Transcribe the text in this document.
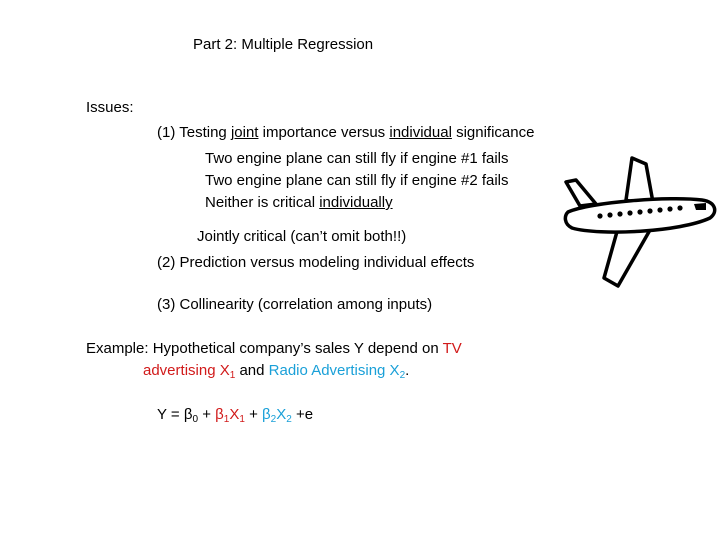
Part 2: Multiple Regression
Issues:
(1) Testing joint importance versus individual significance
Two engine plane can still fly if engine #1 fails
Two engine plane can still fly if engine #2 fails
Neither is critical individually
Jointly critical (can’t omit both!!)
(2) Prediction versus modeling individual effects
(3) Collinearity (correlation among inputs)
Example: Hypothetical company’s sales Y depend on TV
advertising $X_1$ and Radio Advertising $X_2$.
$Y = \beta_0 + \beta_1X_1 + \beta_2X_2 +e$
